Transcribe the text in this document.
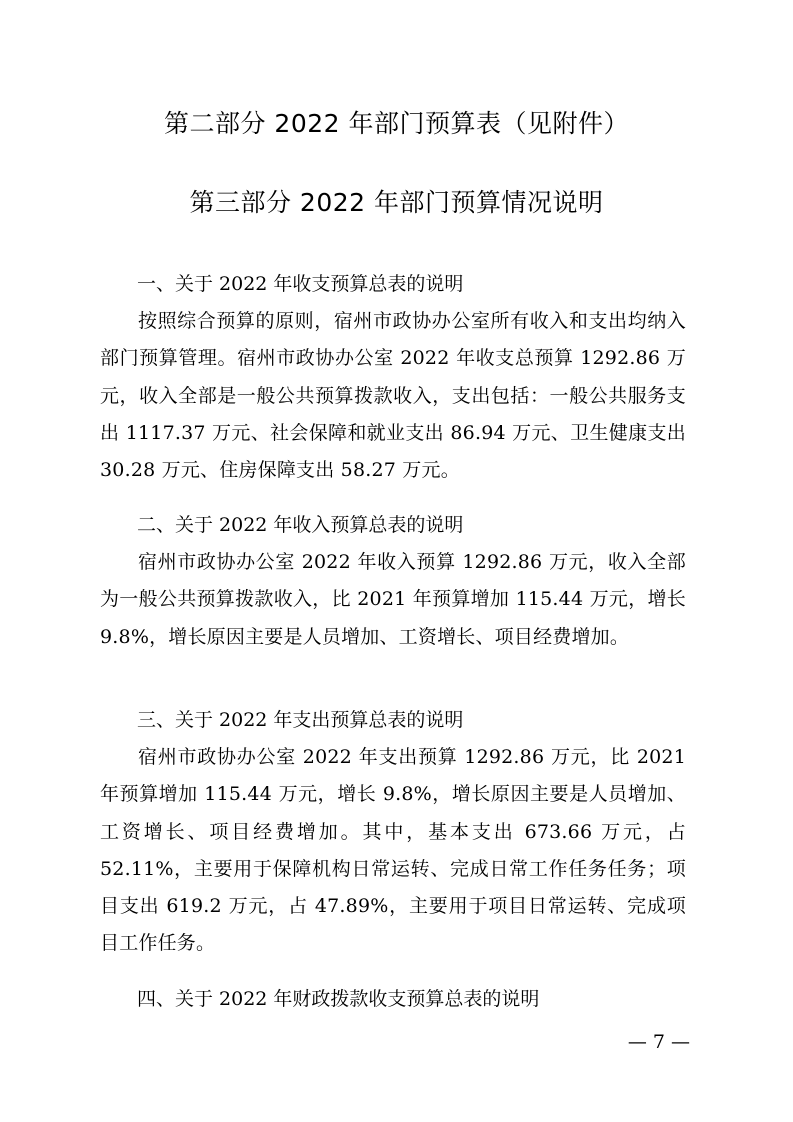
第二部分 2022 年部门预算表（见附件）
第三部分 2022 年部门预算情况说明
一、关于 2022 年收支预算总表的说明
按照综合预算的原则，宿州市政协办公室所有收入和支出均纳入部门预算管理。宿州市政协办公室 2022 年收支总预算 1292.86 万元，收入全部是一般公共预算拨款收入，支出包括：一般公共服务支出 1117.37 万元、社会保障和就业支出 86.94 万元、卫生健康支出 30.28 万元、住房保障支出 58.27 万元。
二、关于 2022 年收入预算总表的说明
宿州市政协办公室 2022 年收入预算 1292.86 万元，收入全部为一般公共预算拨款收入，比 2021 年预算增加 115.44 万元，增长 9.8%，增长原因主要是人员增加、工资增长、项目经费增加。
三、关于 2022 年支出预算总表的说明
宿州市政协办公室 2022 年支出预算 1292.86 万元，比 2021 年预算增加 115.44 万元，增长 9.8%，增长原因主要是人员增加、工资增长、项目经费增加。其中，基本支出 673.66 万元，占 52.11%，主要用于保障机构日常运转、完成日常工作任务任务；项目支出 619.2 万元，占 47.89%，主要用于项目日常运转、完成项目工作任务。
四、关于 2022 年财政拨款收支预算总表的说明
— 7 —
